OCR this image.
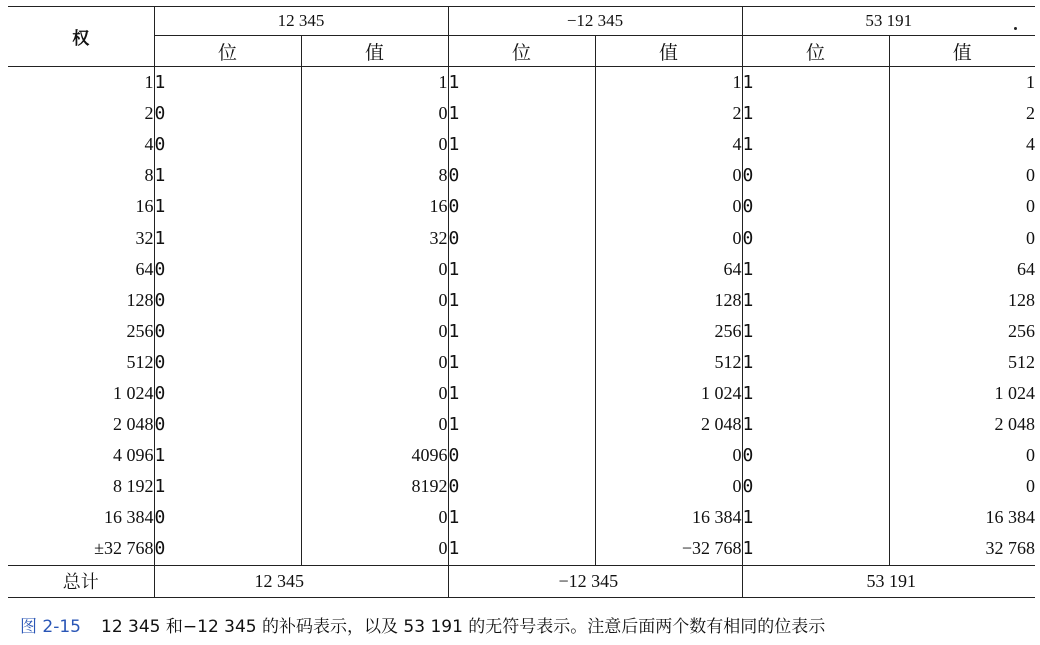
权	12 345		−12 345		53 191	
	位	值	位	值	位	值
1	1	1	1	1	1	1
2	0	0	1	2	1	2
4	0	0	1	4	1	4
8	1	8	0	0	0	0
16	1	16	0	0	0	0
32	1	32	0	0	0	0
64	0	0	1	64	1	64
128	0	0	1	128	1	128
256	0	0	1	256	1	256
512	0	0	1	512	1	512
1 024	0	0	1	1 024	1	1 024
2 048	0	0	1	2 048	1	2 048
4 096	1	4096	0	0	0	0
8 192	1	8192	0	0	0	0
16 384	0	0	1	16 384	1	16 384
±32 768	0	0	1	−32 768	1	32 768
总计	12 345		−12 345		53 191	
图 2-15 12 345 和−12 345 的补码表示，以及 53 191 的无符号表示。注意后面两个数有相同的位表示
